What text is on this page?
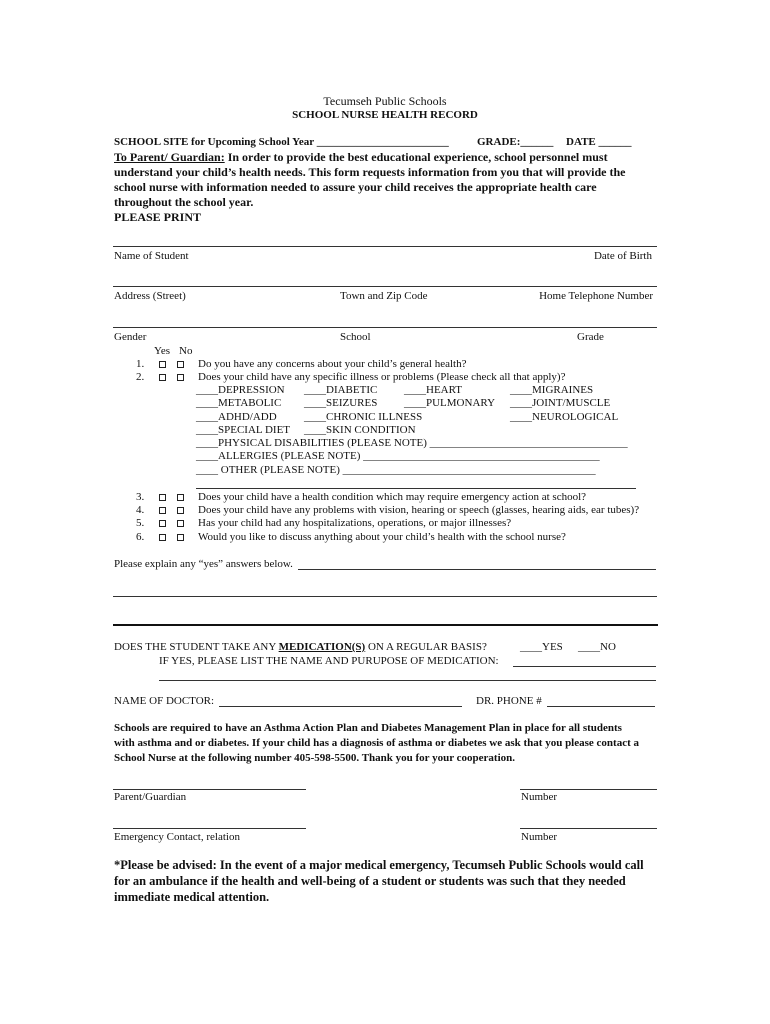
Tecumseh Public Schools
SCHOOL NURSE HEALTH RECORD
SCHOOL SITE for Upcoming School Year ________________________	GRADE:______ DATE ______
To Parent/ Guardian: In order to provide the best educational experience, school personnel must
understand your child’s health needs. This form requests information from you that will provide the
school nurse with information needed to assure your child receives the appropriate health care
throughout the school year.
PLEASE PRINT
Name of Student	Date of Birth
Address (Street)	Town and Zip Code	Home Telephone Number
Gender	School	Grade
Yes No
1.	Do you have any concerns about your child’s general health?
2.	Does your child have any specific illness or problems (Please check all that apply)?
____DEPRESSION ____DIABETIC ____HEART	____MIGRAINES
____METABOLIC ____SEIZURES ____PULMONARY ____JOINT/MUSCLE
____ADHD/ADD ____CHRONIC ILLNESS	____NEUROLOGICAL
____SPECIAL DIET ____SKIN CONDITION
____PHYSICAL DISABILITIES (PLEASE NOTE) ____________________________________
____ALLERGIES (PLEASE NOTE) ___________________________________________
____ OTHER (PLEASE NOTE) ______________________________________________
3.	Does your child have a health condition which may require emergency action at school?
4.	Does your child have any problems with vision, hearing or speech (glasses, hearing aids, ear tubes)?
5.	Has your child had any hospitalizations, operations, or major illnesses?
6.	Would you like to discuss anything about your child’s health with the school nurse?
Please explain any “yes” answers below.
DOES THE STUDENT TAKE ANY MEDICATION(S) ON A REGULAR BASIS?	____YES ____NO
IF YES, PLEASE LIST THE NAME AND PURUPOSE OF MEDICATION:
NAME OF DOCTOR:	DR. PHONE #
Schools are required to have an Asthma Action Plan and Diabetes Management Plan in place for all students
with asthma and or diabetes. If your child has a diagnosis of asthma or diabetes we ask that you please contact a
School Nurse at the following number 405-598-5500. Thank you for your cooperation.
Parent/Guardian	Number
Emergency Contact, relation	Number
*Please be advised: In the event of a major medical emergency, Tecumseh Public Schools would call
for an ambulance if the health and well-being of a student or students was such that they needed
immediate medical attention.
